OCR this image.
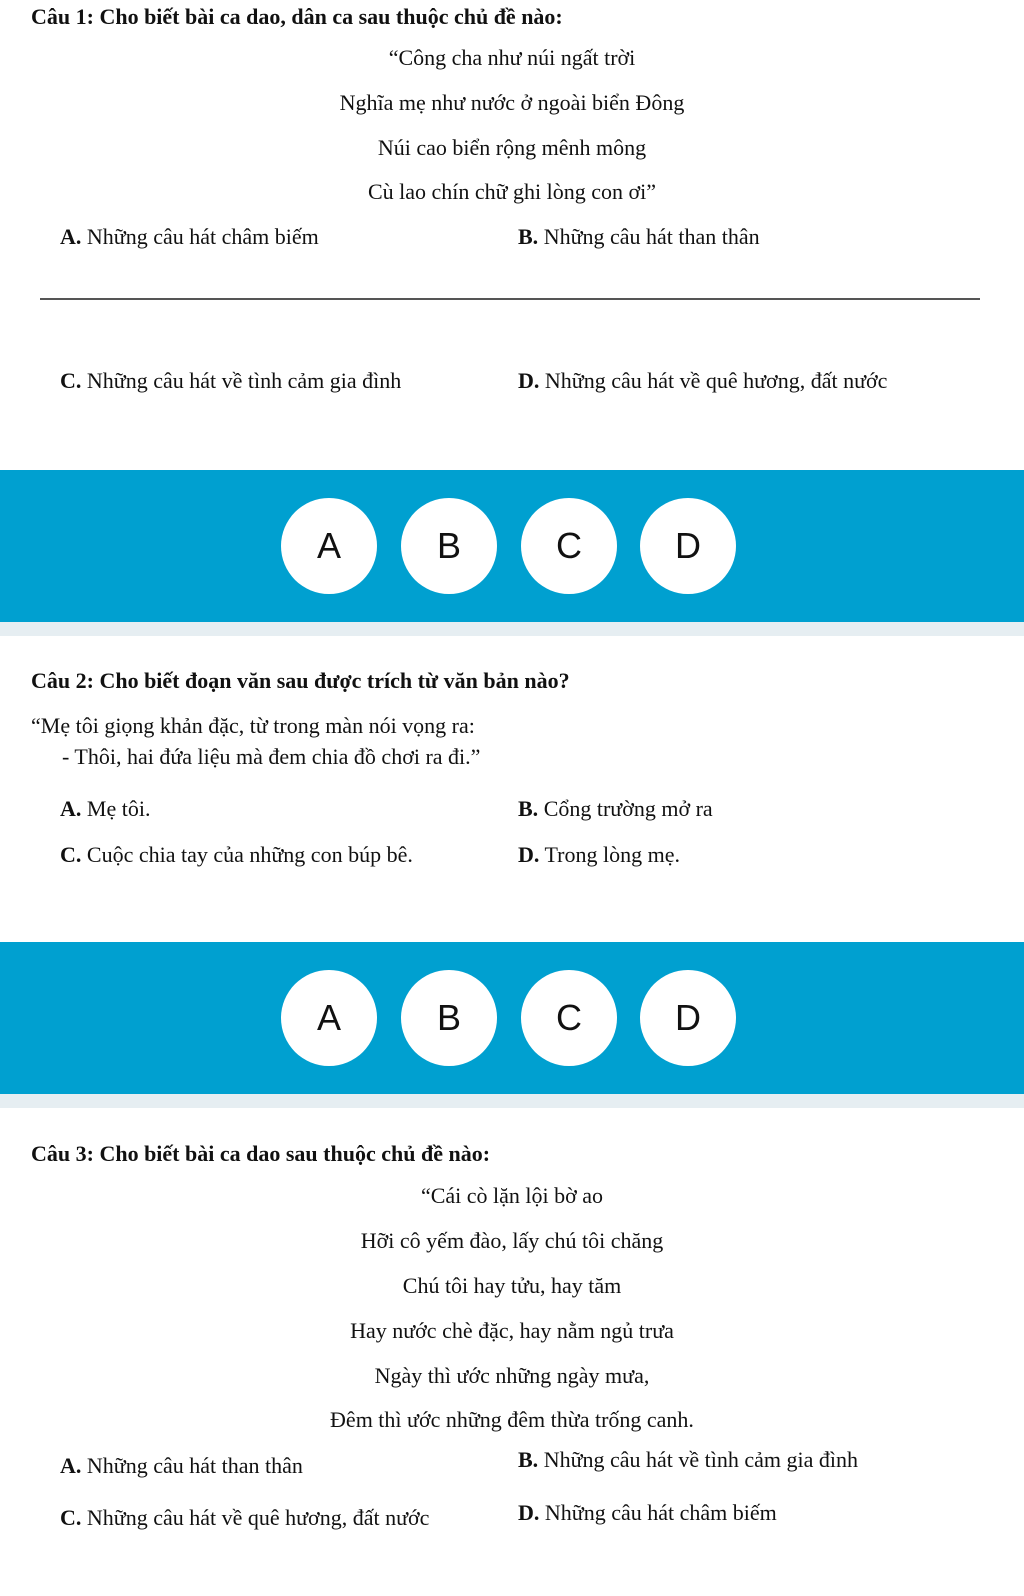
Câu 1: Cho biết bài ca dao, dân ca sau thuộc chủ đề nào:
“Công cha như núi ngất trời
Nghĩa mẹ như nước ở ngoài biển Đông
Núi cao biển rộng mênh mông
Cù lao chín chữ ghi lòng con ơi”
A. Những câu hát châm biếm	B. Những câu hát than thân
C. Những câu hát về tình cảm gia đình	D. Những câu hát về quê hương, đất nước
A	B	C	D
Câu 2: Cho biết đoạn văn sau được trích từ văn bản nào?
“Mẹ tôi giọng khản đặc, từ trong màn nói vọng ra:
- Thôi, hai đứa liệu mà đem chia đồ chơi ra đi.”
A. Mẹ tôi.	B. Cổng trường mở ra
C. Cuộc chia tay của những con búp bê.	D. Trong lòng mẹ.
A	B	C	D
Câu 3: Cho biết bài ca dao sau thuộc chủ đề nào:
“Cái cò lặn lội bờ ao
Hỡi cô yếm đào, lấy chú tôi chăng
Chú tôi hay tửu, hay tăm
Hay nước chè đặc, hay nằm ngủ trưa
Ngày thì ước những ngày mưa,
Đêm thì ước những đêm thừa trống canh.
A. Những câu hát than thân	B. Những câu hát về tình cảm gia đình
C. Những câu hát về quê hương, đất nước	D. Những câu hát châm biếm
